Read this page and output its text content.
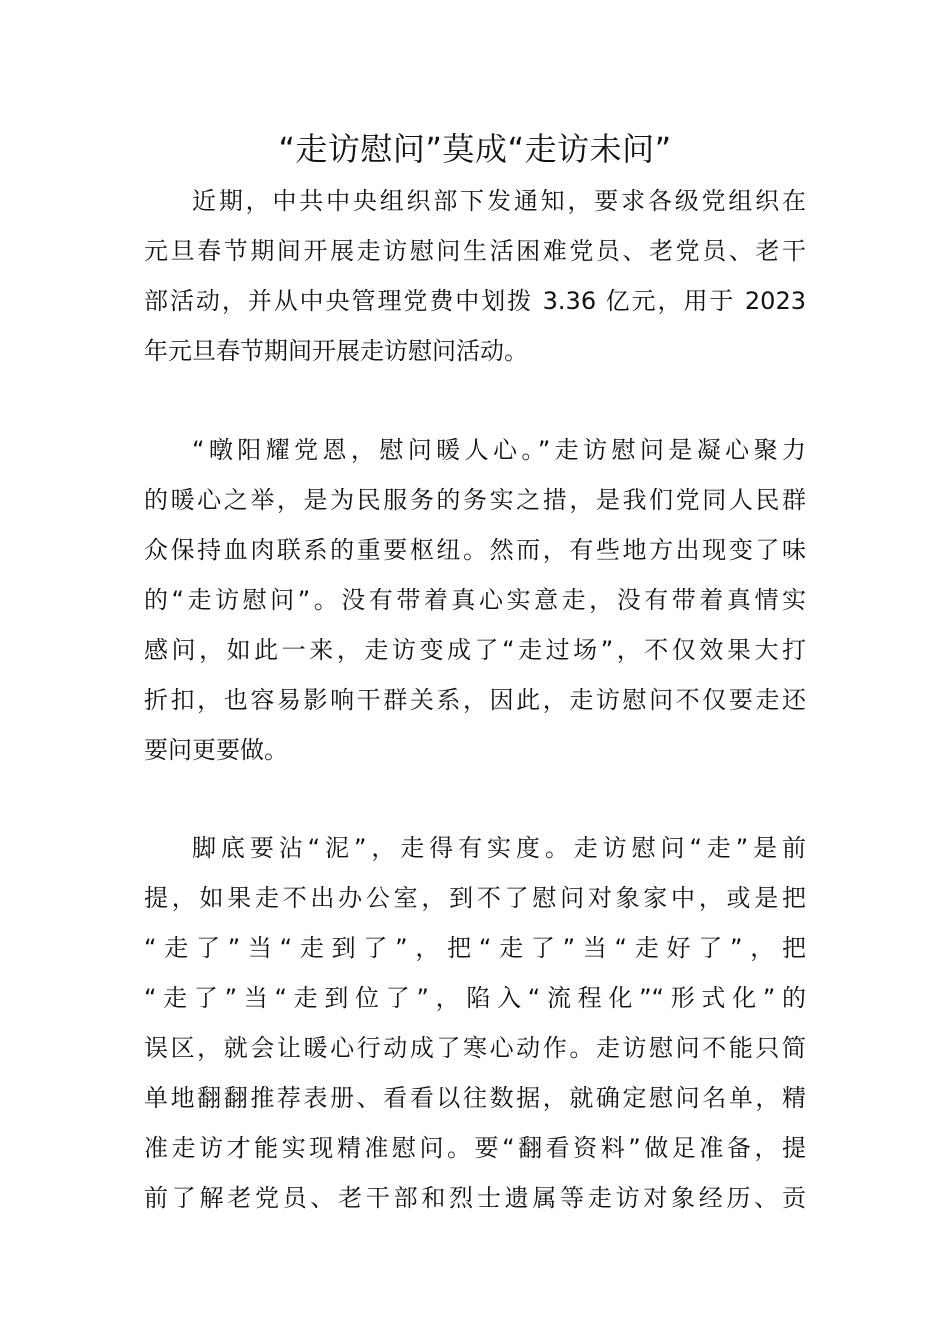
“走访慰问”莫成“走访未问”
近期，中共中央组织部下发通知，要求各级党组织在
元旦春节期间开展走访慰问生活困难党员、老党员、老干
部活动，并从中央管理党费中划拨 3.36 亿元，用于 2023
年元旦春节期间开展走访慰问活动。
“暾阳耀党恩，慰问暖人心。”走访慰问是凝心聚力
的暖心之举，是为民服务的务实之措，是我们党同人民群
众保持血肉联系的重要枢纽。然而，有些地方出现变了味
的“走访慰问”。没有带着真心实意走，没有带着真情实
感问，如此一来，走访变成了“走过场”，不仅效果大打
折扣，也容易影响干群关系，因此，走访慰问不仅要走还
要问更要做。
脚底要沾“泥”，走得有实度。走访慰问“走”是前
提，如果走不出办公室，到不了慰问对象家中，或是把
“走了”当“走到了”，把“走了”当“走好了”，把
“走了”当“走到位了”，陷入“流程化”“形式化”的
误区，就会让暖心行动成了寒心动作。走访慰问不能只简
单地翻翻推荐表册、看看以往数据，就确定慰问名单，精
准走访才能实现精准慰问。要“翻看资料”做足准备，提
前了解老党员、老干部和烈士遗属等走访对象经历、贡
